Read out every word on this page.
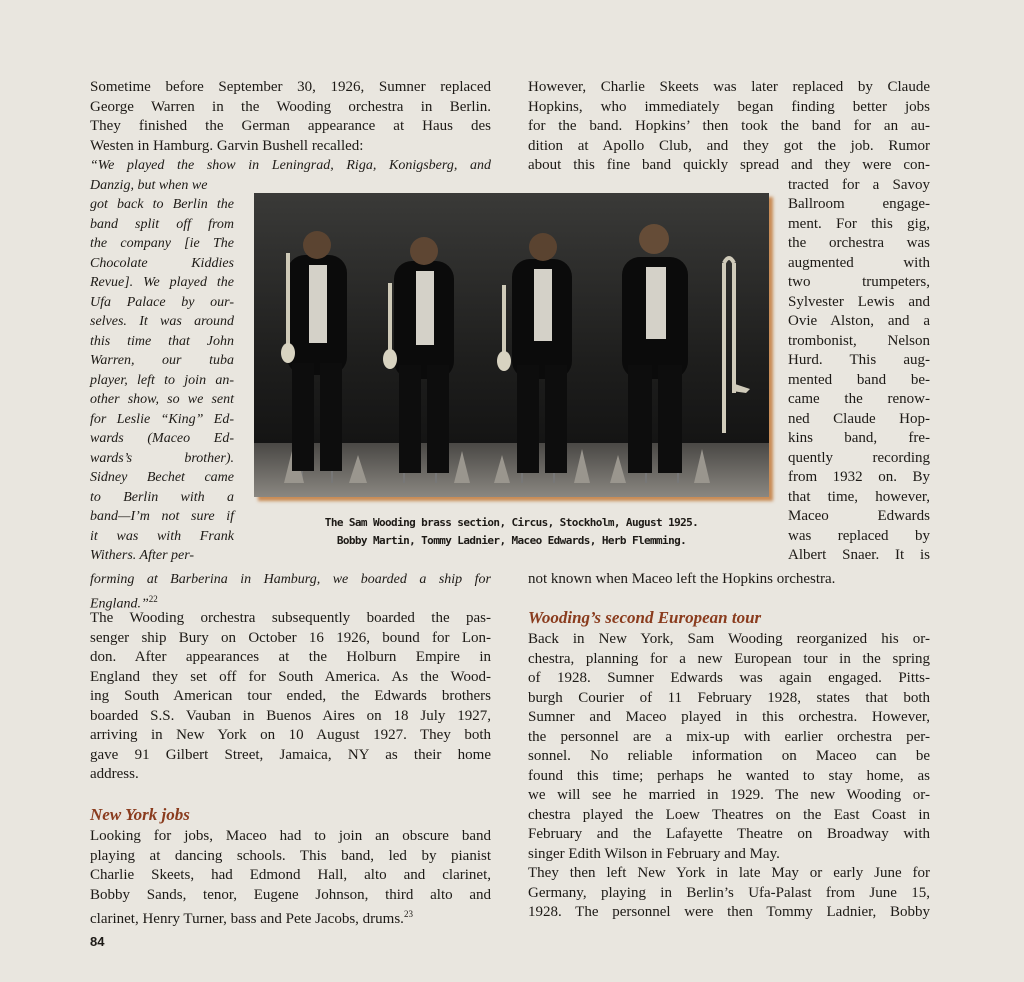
The Sam Wooding brass section, Circus, Stockholm, August 1925.
Bobby Martin, Tommy Ladnier, Maceo Edwards, Herb Flemming.
Sometime before September 30, 1926, Sumner replaced
George Warren in the Wooding orchestra in Berlin.
They finished the German appearance at Haus des
Westen in Hamburg. Garvin Bushell recalled:
“We played the show in Leningrad, Riga, Konigsberg, and
Danzig, but when we
got back to Berlin the
band split off from
the company [ie The
Chocolate Kiddies
Revue]. We played the
Ufa Palace by our-
selves. It was around
this time that John
Warren, our tuba
player, left to join an-
other show, so we sent
for Leslie “King” Ed-
wards (Maceo Ed-
wards’s brother).
Sidney Bechet came
to Berlin with a
band—I’m not sure if
it was with Frank
Withers. After per-
forming at Barberina in Hamburg, we boarded a ship for
England.”$^{22}$
The Wooding orchestra subsequently boarded the pas-
senger ship Bury on October 16 1926, bound for Lon-
don. After appearances at the Holburn Empire in
England they set off for South America. As the Wood-
ing South American tour ended, the Edwards brothers
boarded S.S. Vauban in Buenos Aires on 18 July 1927,
arriving in New York on 10 August 1927. They both
gave 91 Gilbert Street, Jamaica, NY as their home
address.
New York jobs
Looking for jobs, Maceo had to join an obscure band
playing at dancing schools. This band, led by pianist
Charlie Skeets, had Edmond Hall, alto and clarinet,
Bobby Sands, tenor, Eugene Johnson, third alto and
clarinet, Henry Turner, bass and Pete Jacobs, drums.$^{23}$
However, Charlie Skeets was later replaced by Claude
Hopkins, who immediately began finding better jobs
for the band. Hopkins’ then took the band for an au-
dition at Apollo Club, and they got the job. Rumor
about this fine band quickly spread and they were con-
tracted for a Savoy
Ballroom engage-
ment. For this gig,
the orchestra was
augmented with
two trumpeters,
Sylvester Lewis and
Ovie Alston, and a
trombonist, Nelson
Hurd. This aug-
mented band be-
came the renow-
ned Claude Hop-
kins band, fre-
quently recording
from 1932 on. By
that time, however,
Maceo Edwards
was replaced by
Albert Snaer. It is
not known when Maceo left the Hopkins orchestra.
Wooding’s second European tour
Back in New York, Sam Wooding reorganized his or-
chestra, planning for a new European tour in the spring
of 1928. Sumner Edwards was again engaged. Pitts-
burgh Courier of 11 February 1928, states that both
Sumner and Maceo played in this orchestra. However,
the personnel are a mix-up with earlier orchestra per-
sonnel. No reliable information on Maceo can be
found this time; perhaps he wanted to stay home, as
we will see he married in 1929. The new Wooding or-
chestra played the Loew Theatres on the East Coast in
February and the Lafayette Theatre on Broadway with
singer Edith Wilson in February and May.
They then left New York in late May or early June for
Germany, playing in Berlin’s Ufa-Palast from June 15,
1928. The personnel were then Tommy Ladnier, Bobby
84
